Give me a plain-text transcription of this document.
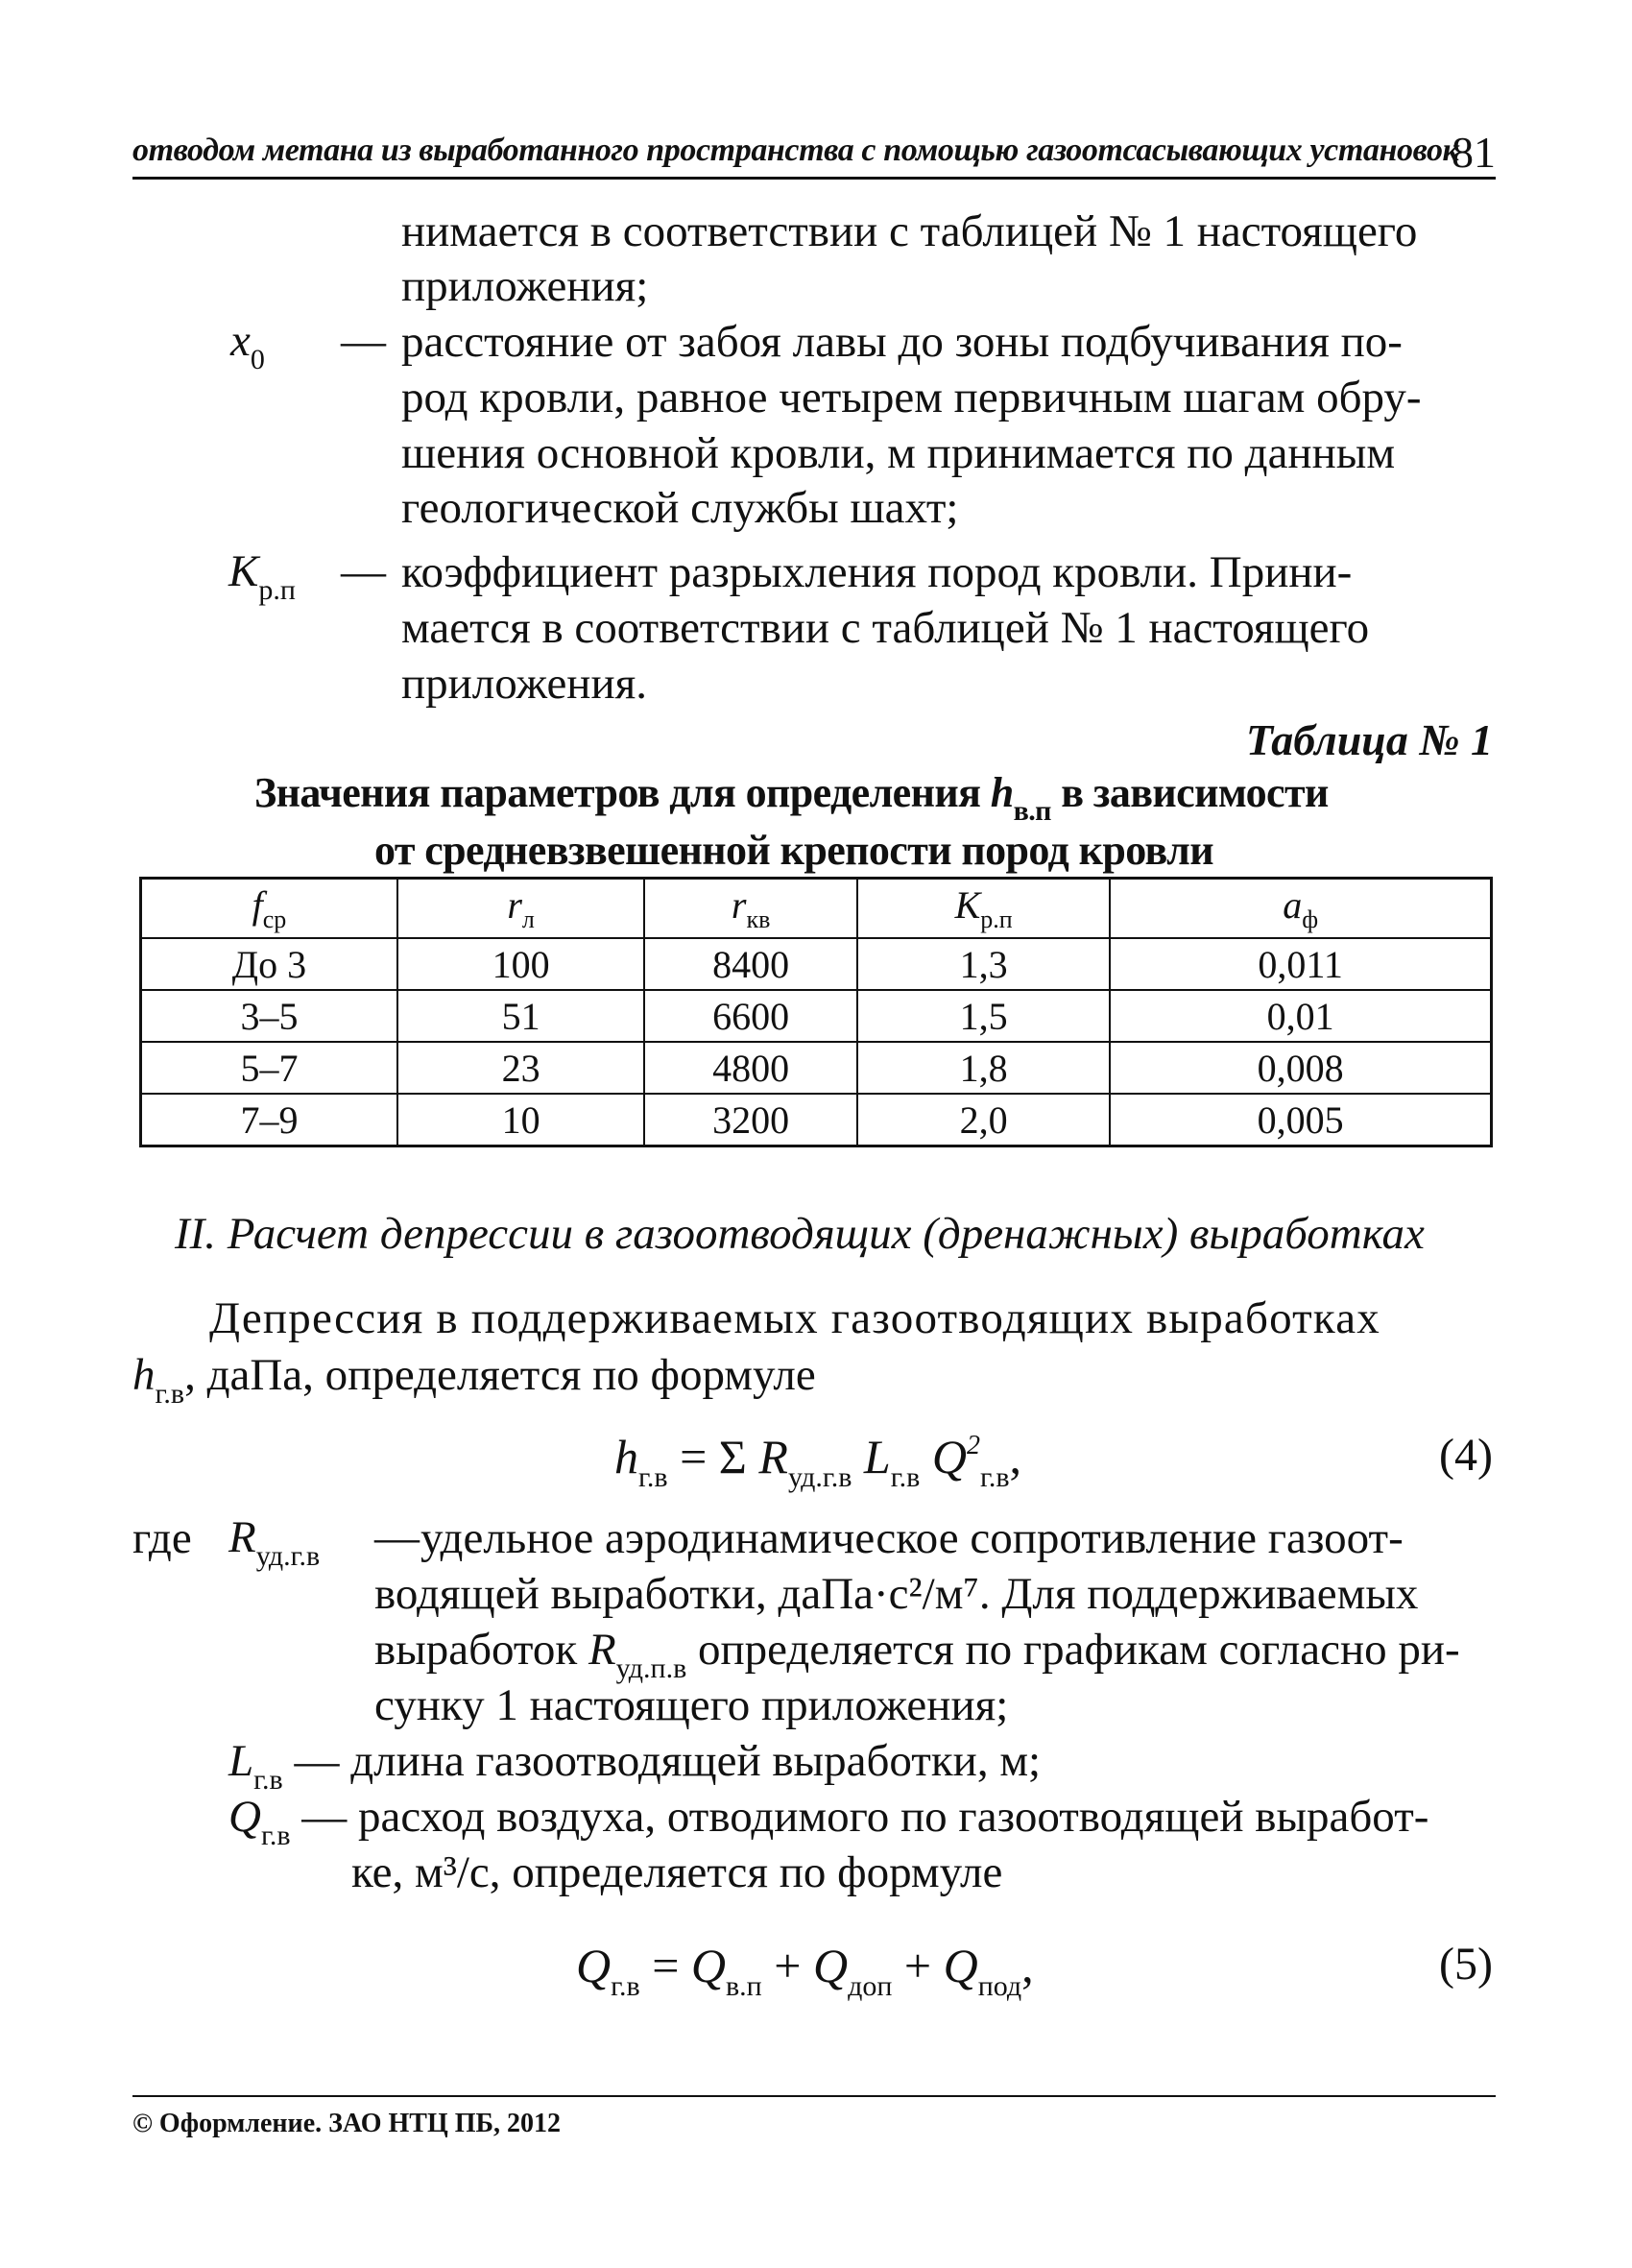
отводом метана из выработанного пространства с помощью газоотсасывающих установок
81
нимается в соответствии с таблицей № 1 настоящего
приложения;
$x_0$ — расстояние от забоя лавы до зоны подбучивания по-
род кровли, равное четырем первичным шагам обру-
шения основной кровли, м принимается по данным
геологической службы шахт;
$K_{р.п}$ — коэффициент разрыхления пород кровли. Прини-
мается в соответствии с таблицей № 1 настоящего
приложения.
Таблица № 1
Значения параметров для определения $h_{в.п}$ в зависимости
от средневзвешенной крепости пород кровли
$f_{ср}$	$r_л$	$r_{кв}$	$K_{р.п}$	$a_ф$
До 3	100	8400	1,3	0,011
3–5	51	6600	1,5	0,01
5–7	23	4800	1,8	0,008
7–9	10	3200	2,0	0,005
II. Расчет депрессии в газоотводящих (дренажных) выработках
Депрессия в поддерживаемых газоотводящих выработках
$h_{г.в}$, даПа, определяется по формуле
$h_{г.в} = \Sigma$ $R_{уд.г.в}$ $L_{г.в}$ $Q^2_{г.в}$,	(4)
где $R_{уд.г.в}$ — удельное аэродинамическое сопротивление газоот-
водящей выработки, даПа·с²/м⁷. Для поддерживаемых
выработок $R_{уд.п.в}$ определяется по графикам согласно ри-
сунку 1 настоящего приложения;
$L_{г.в}$ — длина газоотводящей выработки, м;
$Q_{г.в}$ — расход воздуха, отводимого по газоотводящей выработ-
ке, м³/с, определяется по формуле
$Q_{г.в} = Q_{в.п} + Q_{доп} + Q_{под}$,	(5)
© Оформление. ЗАО НТЦ ПБ, 2012
